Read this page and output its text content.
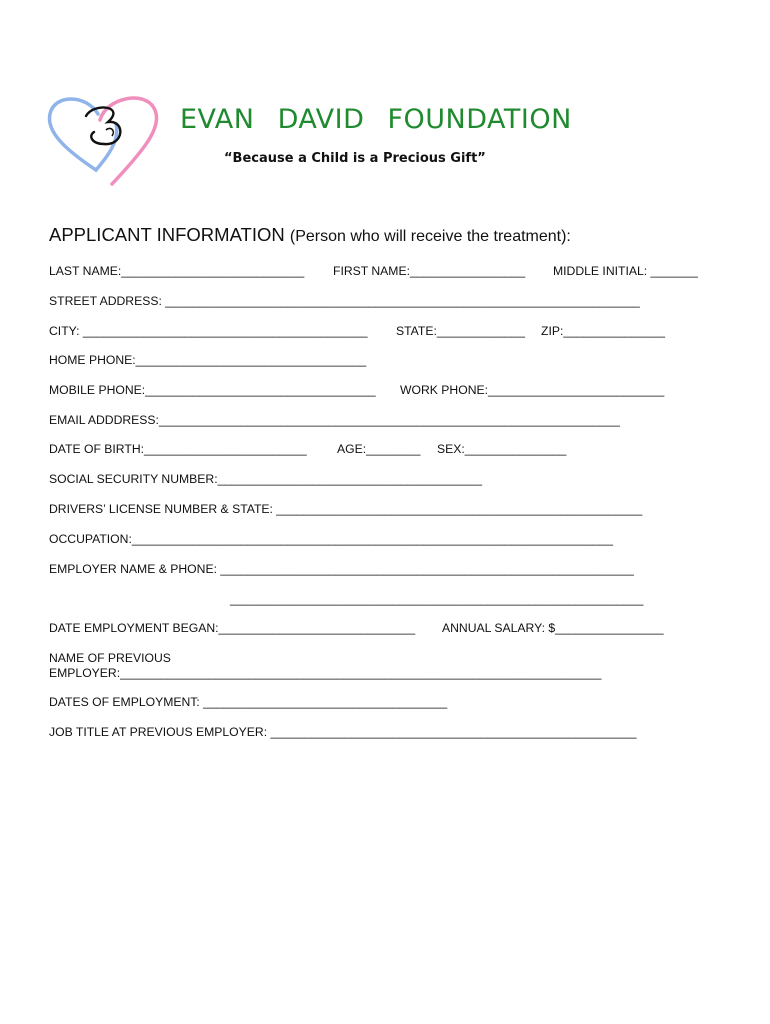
EVAN DAVID FOUNDATION
“Because a Child is a Precious Gift”
APPLICANT INFORMATION (Person who will receive the treatment):
LAST NAME:___________________________ FIRST NAME:_________________ MIDDLE INITIAL: _______
STREET ADDRESS: ______________________________________________________________________
CITY: __________________________________________ STATE:_____________ ZIP:_______________
HOME PHONE:__________________________________
MOBILE PHONE:__________________________________ WORK PHONE:__________________________
EMAIL ADDDRESS:____________________________________________________________________
DATE OF BIRTH:________________________ AGE:________ SEX:_______________
SOCIAL SECURITY NUMBER:_______________________________________
DRIVERS’ LICENSE NUMBER & STATE: ______________________________________________________
OCCUPATION:_______________________________________________________________________
EMPLOYER NAME & PHONE: _____________________________________________________________
_____________________________________________________________
DATE EMPLOYMENT BEGAN:_____________________________ ANNUAL SALARY: $________________
NAME OF PREVIOUS
EMPLOYER:_______________________________________________________________________
DATES OF EMPLOYMENT: ____________________________________
JOB TITLE AT PREVIOUS EMPLOYER: ______________________________________________________
